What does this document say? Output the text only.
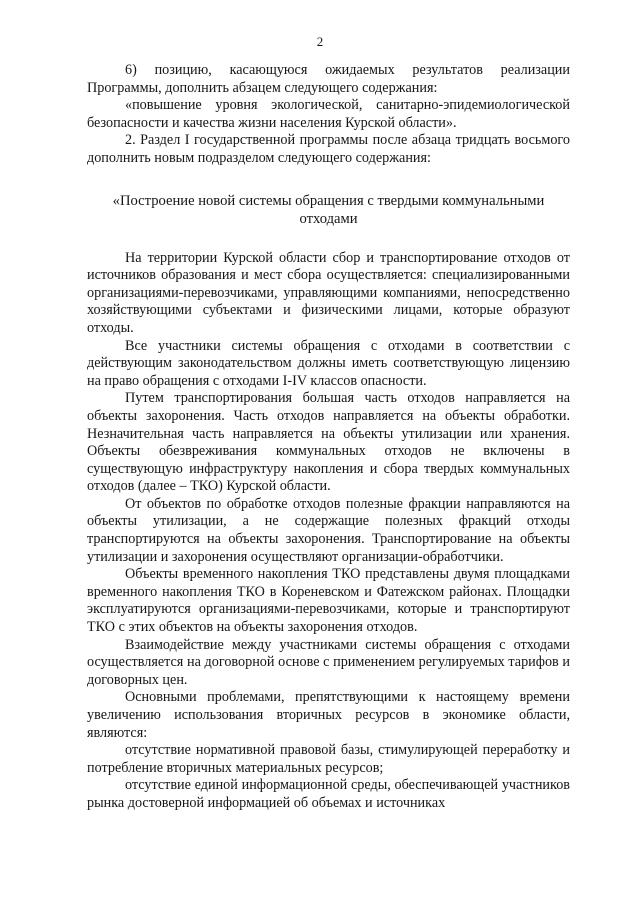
2

6) позицию, касающуюся ожидаемых результатов реализации Программы, дополнить абзацем следующего содержания:

«повышение уровня экологической, санитарно-эпидемиологической безопасности и качества жизни населения Курской области».

2. Раздел I государственной программы после абзаца тридцать восьмого дополнить новым подразделом следующего содержания:

«Построение новой системы обращения с твердыми коммунальными отходами

На территории Курской области сбор и транспортирование отходов от источников образования и мест сбора осуществляется: специализированными организациями-перевозчиками, управляющими компаниями, непосредственно хозяйствующими субъектами и физическими лицами, которые образуют отходы.

Все участники системы обращения с отходами в соответствии с действующим законодательством должны иметь соответствующую лицензию на право обращения с отходами I-IV классов опасности.

Путем транспортирования большая часть отходов направляется на объекты захоронения. Часть отходов направляется на объекты обработки. Незначительная часть направляется на объекты утилизации или хранения. Объекты обезвреживания коммунальных отходов не включены в существующую инфраструктуру накопления и сбора твердых коммунальных отходов (далее – ТКО) Курской области.

От объектов по обработке отходов полезные фракции направляются на объекты утилизации, а не содержащие полезных фракций отходы транспортируются на объекты захоронения. Транспортирование на объекты утилизации и захоронения осуществляют организации-обработчики.

Объекты временного накопления ТКО представлены двумя площадками временного накопления ТКО в Кореневском и Фатежском районах. Площадки эксплуатируются организациями-перевозчиками, которые и транспортируют ТКО с этих объектов на объекты захоронения отходов.

Взаимодействие между участниками системы обращения с отходами осуществляется на договорной основе с применением регулируемых тарифов и договорных цен.

Основными проблемами, препятствующими к настоящему времени увеличению использования вторичных ресурсов в экономике области, являются:

отсутствие нормативной правовой базы, стимулирующей переработку и потребление вторичных материальных ресурсов;

отсутствие единой информационной среды, обеспечивающей участников рынка достоверной информацией об объемах и источниках
